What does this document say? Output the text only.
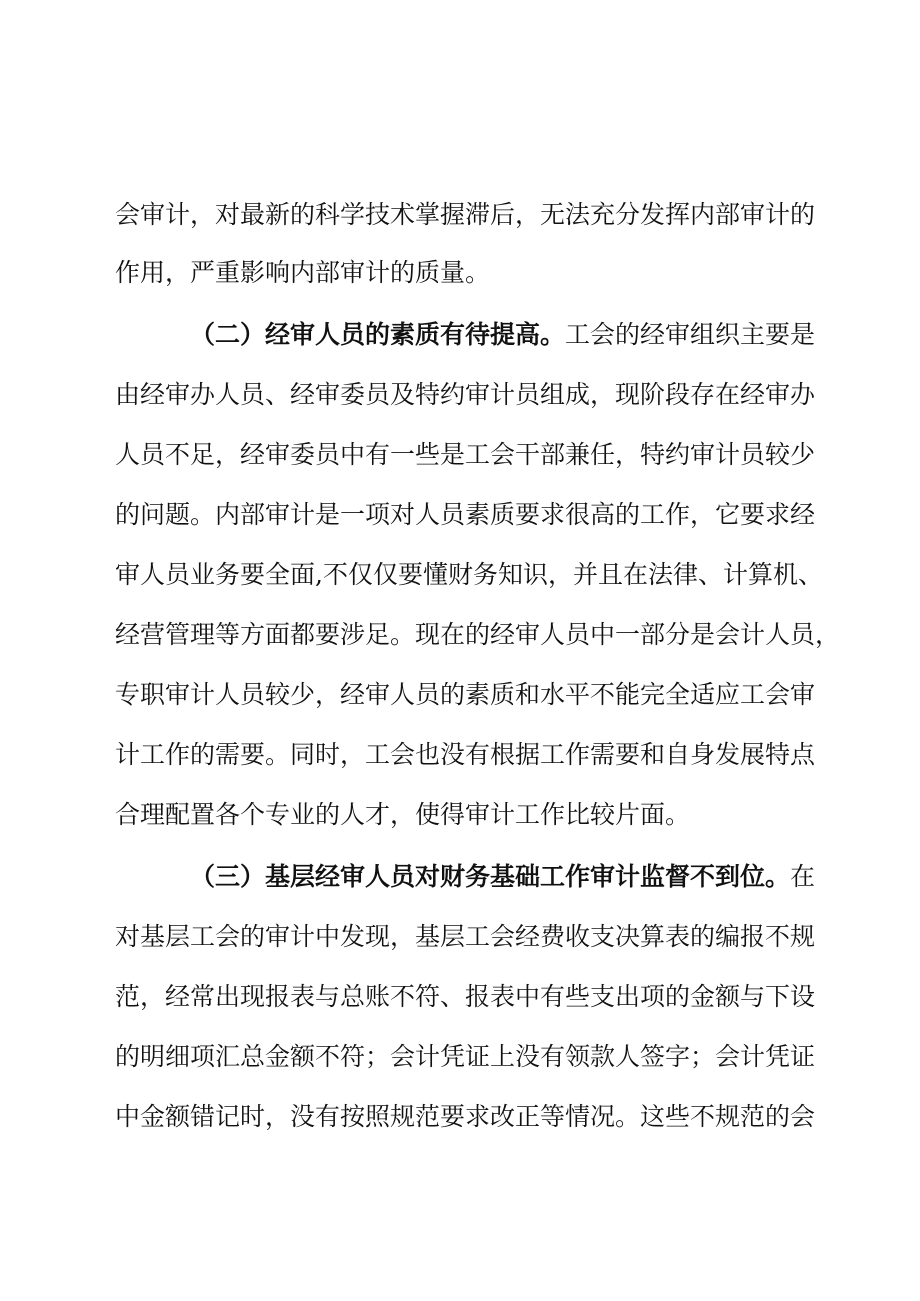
会审计，对最新的科学技术掌握滞后，无法充分发挥内部审计的
作用，严重影响内部审计的质量。
（二）经审人员的素质有待提高。工会的经审组织主要是
由经审办人员、经审委员及特约审计员组成，现阶段存在经审办
人员不足，经审委员中有一些是工会干部兼任，特约审计员较少
的问题。内部审计是一项对人员素质要求很高的工作，它要求经
审人员业务要全面,不仅仅要懂财务知识，并且在法律、计算机、
经营管理等方面都要涉足。现在的经审人员中一部分是会计人员，
专职审计人员较少，经审人员的素质和水平不能完全适应工会审
计工作的需要。同时，工会也没有根据工作需要和自身发展特点
合理配置各个专业的人才，使得审计工作比较片面。
（三）基层经审人员对财务基础工作审计监督不到位。在
对基层工会的审计中发现，基层工会经费收支决算表的编报不规
范，经常出现报表与总账不符、报表中有些支出项的金额与下设
的明细项汇总金额不符；会计凭证上没有领款人签字；会计凭证
中金额错记时，没有按照规范要求改正等情况。这些不规范的会
